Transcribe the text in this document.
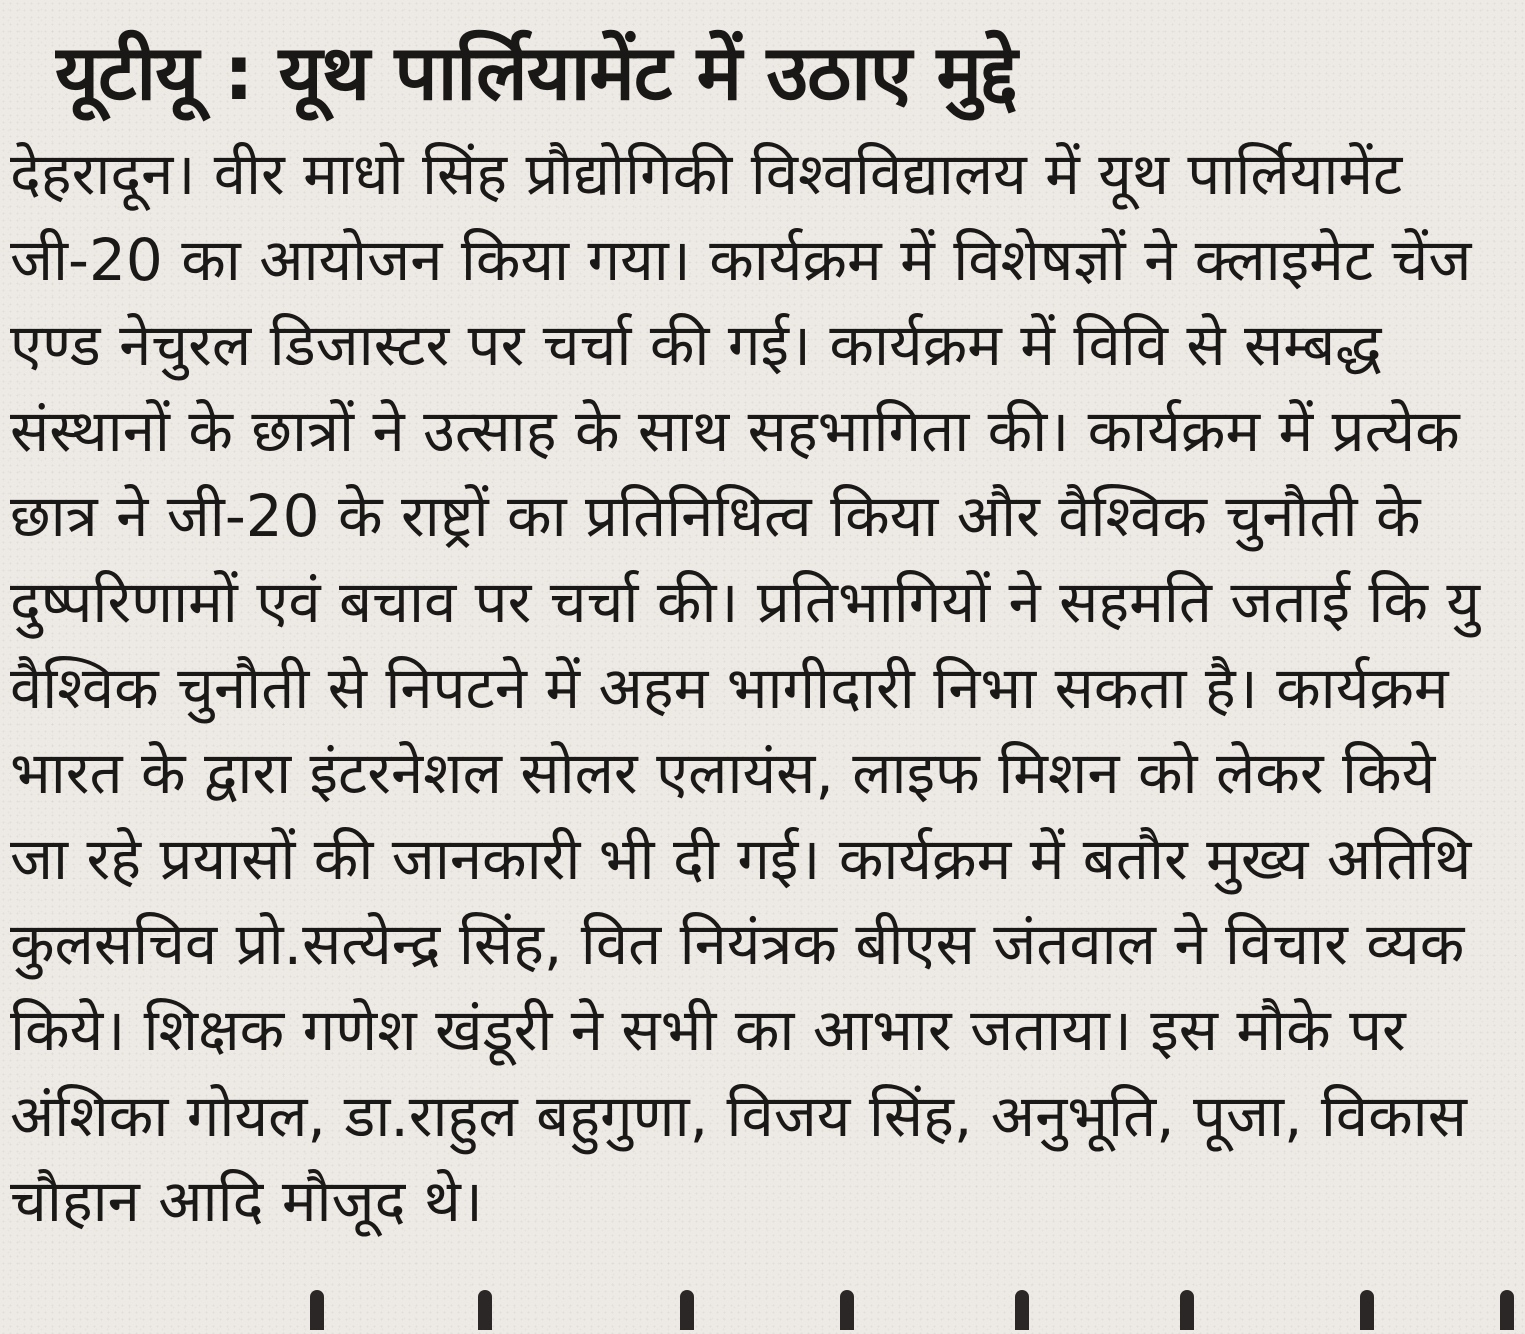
यूटीयू : यूथ पार्लियामेंट में उठाए मुद्दे
देहरादून। वीर माधो सिंह प्रौद्योगिकी विश्वविद्यालय में यूथ पार्लियामेंट
जी-20 का आयोजन किया गया। कार्यक्रम में विशेषज्ञों ने क्लाइमेट चेंज
एण्ड नेचुरल डिजास्टर पर चर्चा की गई। कार्यक्रम में विवि से सम्बद्ध
संस्थानों के छात्रों ने उत्साह के साथ सहभागिता की। कार्यक्रम में प्रत्येक
छात्र ने जी-20 के राष्ट्रों का प्रतिनिधित्व किया और वैश्विक चुनौती के
दुष्परिणामों एवं बचाव पर चर्चा की। प्रतिभागियों ने सहमति जताई कि यु
वैश्विक चुनौती से निपटने में अहम भागीदारी निभा सकता है। कार्यक्रम
भारत के द्वारा इंटरनेशल सोलर एलायंस, लाइफ मिशन को लेकर किये
जा रहे प्रयासों की जानकारी भी दी गई। कार्यक्रम में बतौर मुख्य अतिथि
कुलसचिव प्रो.सत्येन्द्र सिंह, वित नियंत्रक बीएस जंतवाल ने विचार व्यक
किये। शिक्षक गणेश खंडूरी ने सभी का आभार जताया। इस मौके पर
अंशिका गोयल, डा.राहुल बहुगुणा, विजय सिंह, अनुभूति, पूजा, विकास
चौहान आदि मौजूद थे।
